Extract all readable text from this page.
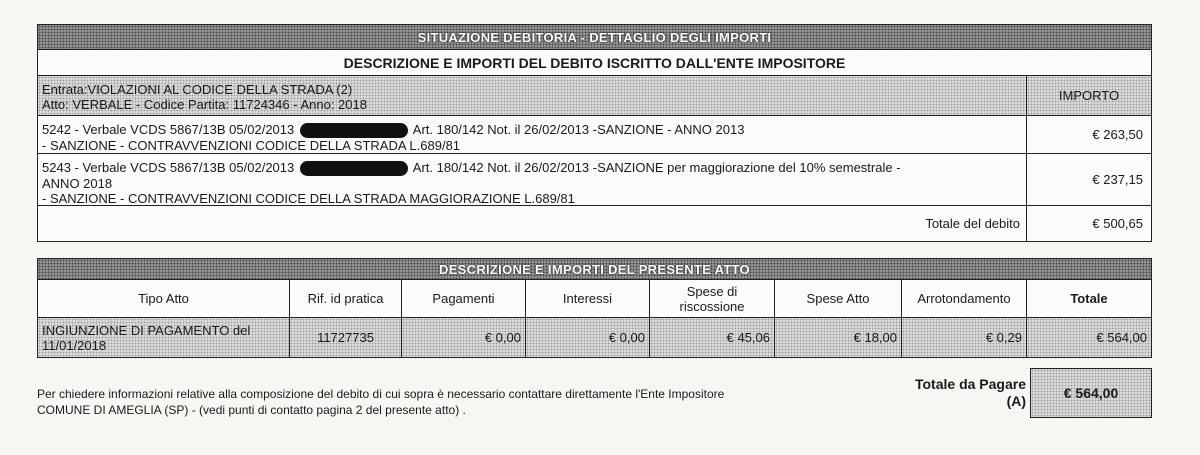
SITUAZIONE DEBITORIA - DETTAGLIO DEGLI IMPORTI
DESCRIZIONE E IMPORTI DEL DEBITO ISCRITTO DALL'ENTE IMPOSITORE
Entrata:VIOLAZIONI AL CODICE DELLA STRADA (2)
Atto: VERBALE - Codice Partita: 11724346 - Anno: 2018
IMPORTO
5242 - Verbale VCDS 5867/13B 05/02/2013	Art. 180/142 Not. il 26/02/2013 -SANZIONE - ANNO 2013
- SANZIONE - CONTRAVVENZIONI CODICE DELLA STRADA L.689/81
€ 263,50
5243 - Verbale VCDS 5867/13B 05/02/2013	Art. 180/142 Not. il 26/02/2013 -SANZIONE per maggiorazione del 10% semestrale -
ANNO 2018
- SANZIONE - CONTRAVVENZIONI CODICE DELLA STRADA MAGGIORAZIONE L.689/81
€ 237,15
Totale del debito	€ 500,65
DESCRIZIONE E IMPORTI DEL PRESENTE ATTO
Tipo Atto	Rif. id pratica	Pagamenti	Interessi	Spese di riscossione	Spese Atto	Arrotondamento	Totale
INGIUNZIONE DI PAGAMENTO del 11/01/2018	11727735	€ 0,00	€ 0,00	€ 45,06	€ 18,00	€ 0,29	€ 564,00
Per chiedere informazioni relative alla composizione del debito di cui sopra è necessario contattare direttamente l'Ente Impositore
COMUNE DI AMEGLIA (SP) - (vedi punti di contatto pagina 2 del presente atto) .
Totale da Pagare
(A)	€ 564,00
